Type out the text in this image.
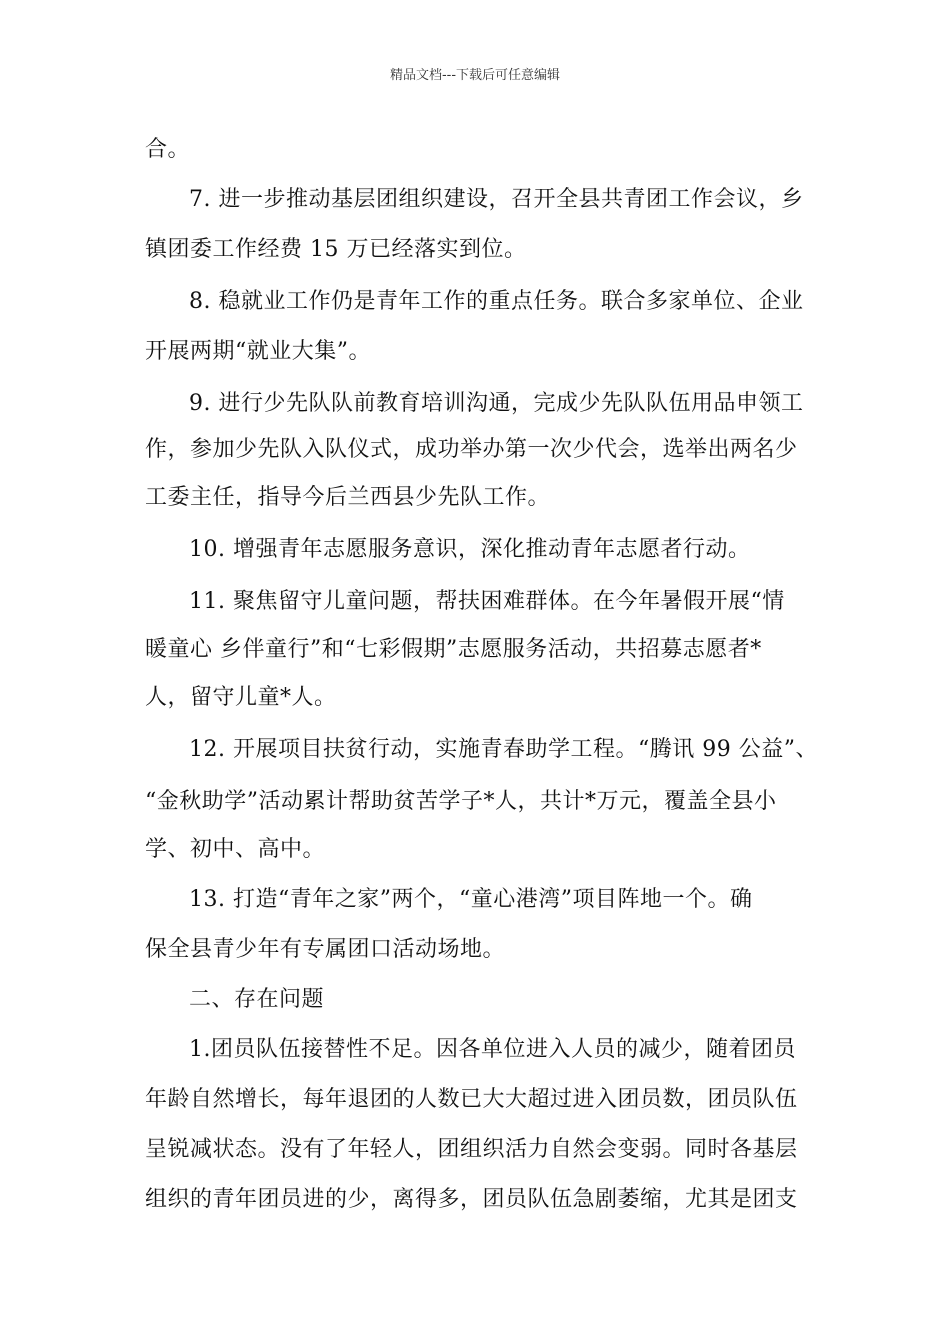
精品文档---下载后可任意编辑
合。
7. 进一步推动基层团组织建设，召开全县共青团工作会议，乡
镇团委工作经费 15 万已经落实到位。
8. 稳就业工作仍是青年工作的重点任务。联合多家单位、企业
开展两期“就业大集”。
9. 进行少先队队前教育培训沟通，完成少先队队伍用品申领工
作，参加少先队入队仪式，成功举办第一次少代会，选举出两名少
工委主任，指导今后兰西县少先队工作。
10. 增强青年志愿服务意识，深化推动青年志愿者行动。
11. 聚焦留守儿童问题，帮扶困难群体。在今年暑假开展“情
暖童心 乡伴童行”和“七彩假期”志愿服务活动，共招募志愿者*
人，留守儿童*人。
12. 开展项目扶贫行动，实施青春助学工程。“腾讯 99 公益”、
“金秋助学”活动累计帮助贫苦学子*人，共计*万元，覆盖全县小
学、初中、高中。
13. 打造“青年之家”两个，“童心港湾”项目阵地一个。确
保全县青少年有专属团口活动场地。
二、存在问题
1.团员队伍接替性不足。因各单位进入人员的减少，随着团员
年龄自然增长，每年退团的人数已大大超过进入团员数，团员队伍
呈锐减状态。没有了年轻人，团组织活力自然会变弱。同时各基层
组织的青年团员进的少，离得多，团员队伍急剧萎缩，尤其是团支
